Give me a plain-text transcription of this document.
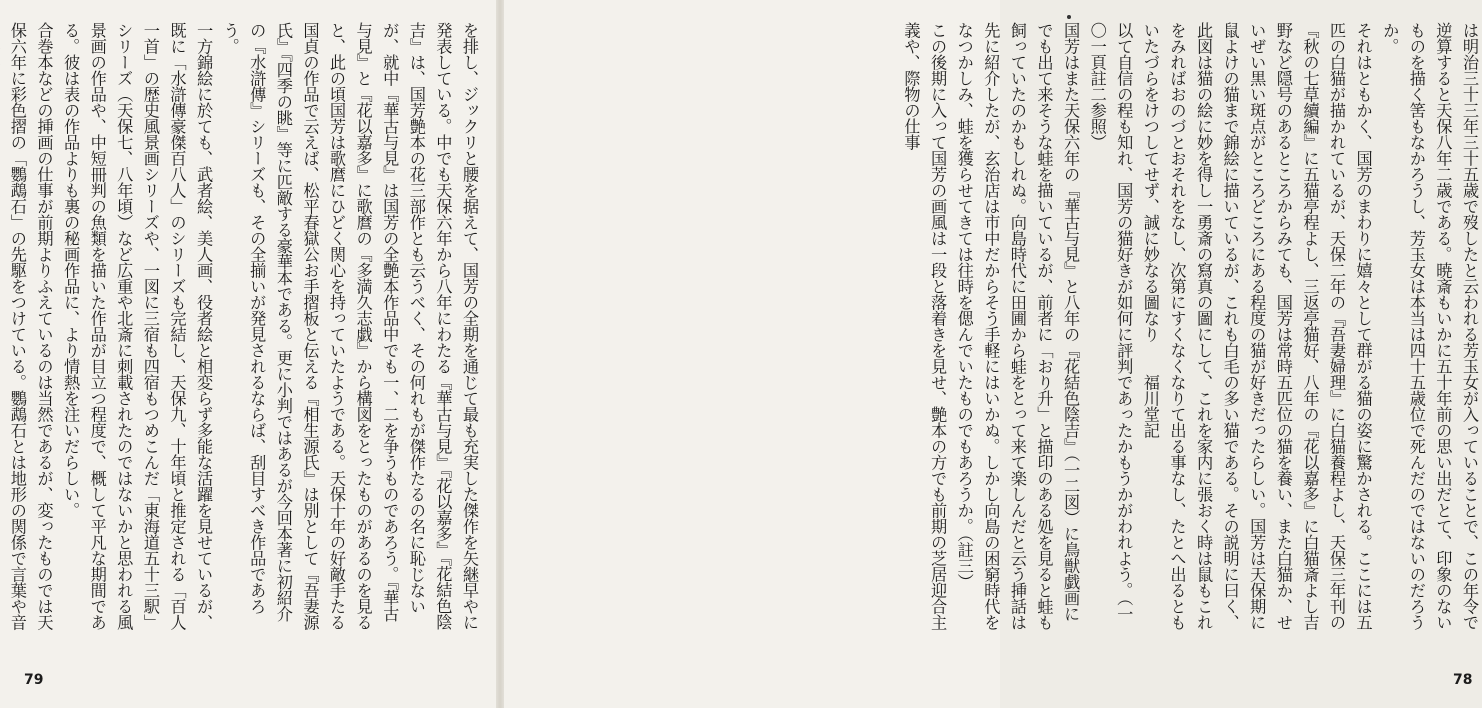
を排し、ジックリと腰を据えて、国芳の全期を通じて最も充実した傑作を矢継早やに発表している。中でも天保六年から八年にわたる『華古与見』『花以嘉多』『花結色陰吉』は、国芳艶本の花三部作とも云うべく、その何れもが傑作たるの名に恥じないが、就中『華古与見』は国芳の全艶本作品中でも一、二を争うものであろう。『華古与見』と『花以嘉多』に歌麿の『多満久志戯』から構図をとったものがあるのを見ると、此の頃国芳は歌麿にひどく関心を持っていたようである。天保十年の好敵手たる国貞の作品で云えば、松平春獄公お手摺板と伝える『相生源氏』は別として『吾妻源氏』『四季の眺』等に匹敵する豪華本である。更に小判ではあるが今回本著に初紹介の『水滸傳』シリーズも、その全揃いが発見されるならば、刮目すべき作品であろう。
一方錦絵に於ても、武者絵、美人画、役者絵と相変らず多能な活躍を見せているが、既に「水滸傳豪傑百八人」のシリーズも完結し、天保九、十年頃と推定される「百人一首」の歴史風景画シリーズや、一図に三宿も四宿もつめこんだ「東海道五十三駅」シリーズ（天保七、八年頃）など広重や北斎に刺載されたのではないかと思われる風景画の作品や、中短冊判の魚類を描いた作品が目立つ程度で、概して平凡な期間である。彼は表の作品よりも裏の秘画作品に、より情熱を注いだらしい。
合巻本などの挿画の仕事が前期よりふえているのは当然であるが、変ったものでは天保六年に彩色摺の「鸚鵡石」の先駆をつけている。鸚鵡石とは地形の関係で言葉や音
79
は明治三十三年三十五歳で歿したと云われる芳玉女が入っていることで、この年令で逆算すると天保八年二歳である。暁斎もいかに五十年前の思い出だとて、印象のないものを描く筈もなかろうし、芳玉女は本当は四十五歳位で死んだのではないのだろうか。
それはともかく、国芳のまわりに嬉々として群がる猫の姿に驚かされる。ここには五匹の白猫が描かれているが、天保二年の『吾妻婦理』に白猫養程よし、天保三年刊の『秋の七草續編』に五猫亭程よし、三返亭猫好、八年の『花以嘉多』に白猫斎よし吉野など隠号のあるところからみても、国芳は常時五匹位の猫を養い、また白猫か、せいぜい黒い斑点がところどころにある程度の猫が好きだったらしい。国芳は天保期に鼠よけの猫まで錦絵に描いているが、これも白毛の多い猫である。その説明に曰く、
此図は猫の絵に妙を得し一勇斎の寫真の圖にして、これを家内に張おく時は鼠もこれをみればおのづとおそれをなし、次第にすくなくなりて出る事なし、たとへ出るともいたづらをけつしてせず、誠に妙なる圖なり　　福川堂記
以て自信の程も知れ、国芳の猫好きが如何に評判であったかもうかがわれよう。（一〇一頁註二参照）
国芳はまた天保六年の『華古与見』と八年の『花結色陰吉』（一二図）に鳥獣戯画にでも出て来そうな蛙を描いているが、前者に「おり升」と描印のある処を見ると蛙も飼っていたのかもしれぬ。向島時代に田圃から蛙をとって来て楽しんだと云う挿話は先に紹介したが、玄治店は市中だからそう手軽にはいかぬ。しかし向島の困窮時代をなつかしみ、蛙を獲らせてきては往時を偲んでいたものでもあろうか。（註三）
この後期に入って国芳の画風は一段と落着きを見せ、艶本の方でも前期の芝居迎合主義や、際物の仕事
78
